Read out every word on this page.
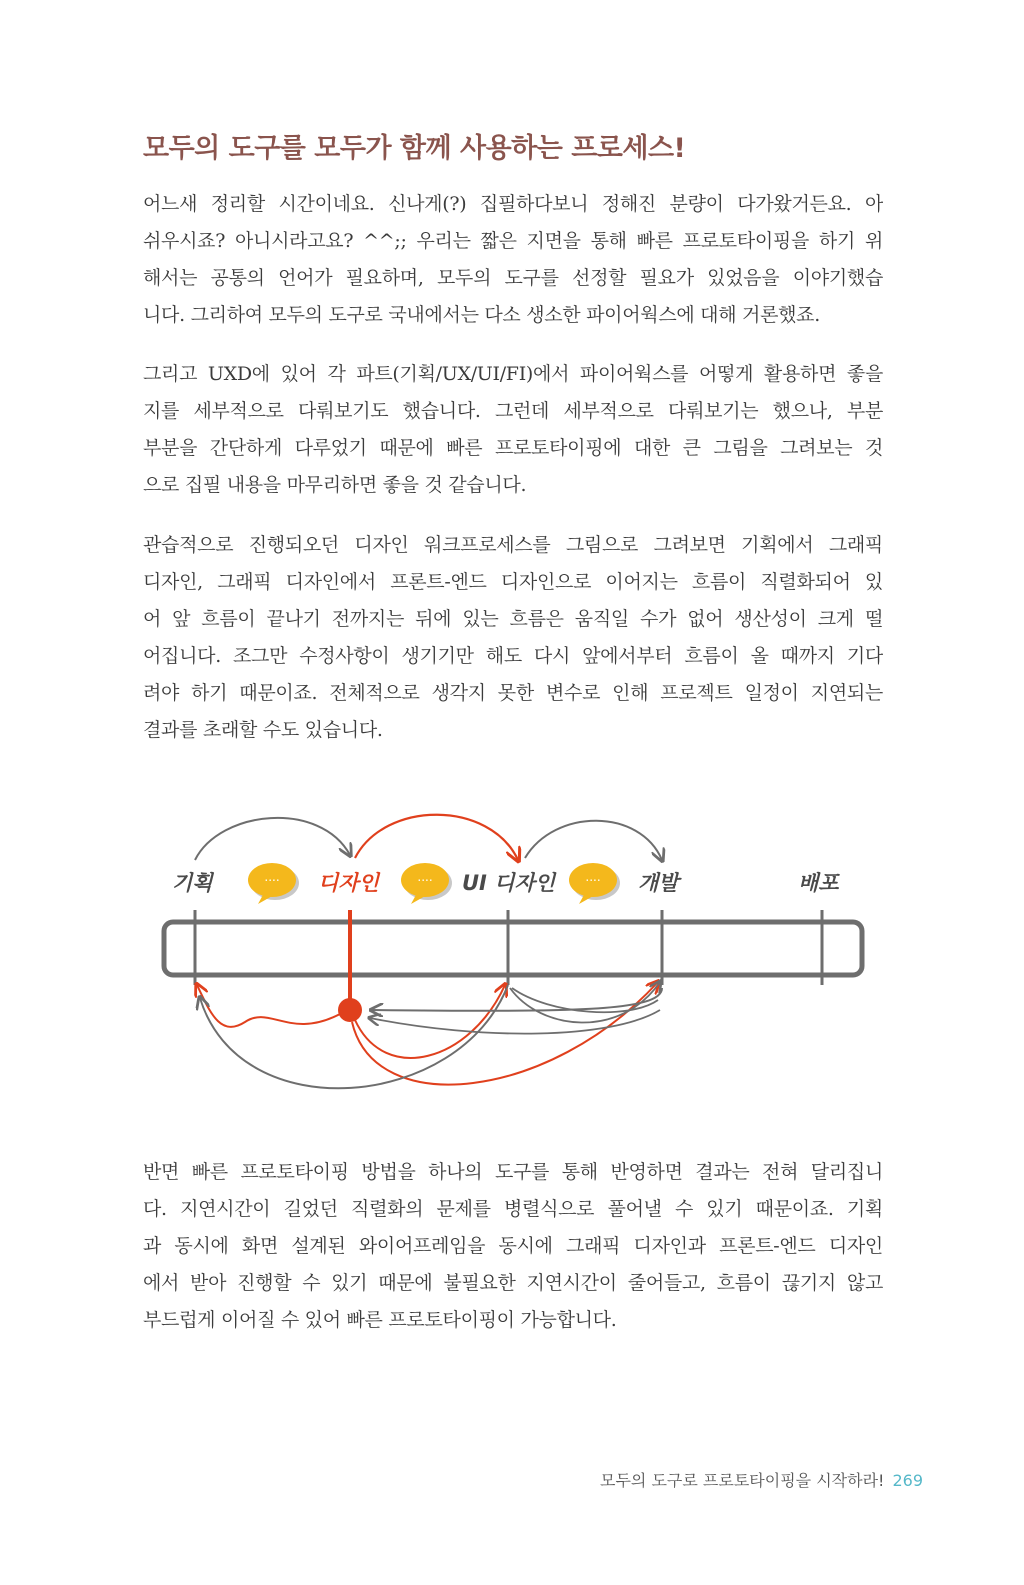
모두의 도구를 모두가 함께 사용하는 프로세스!
어느새 정리할 시간이네요. 신나게(?) 집필하다보니 정해진 분량이 다가왔거든요. 아
쉬우시죠? 아니시라고요? ^^;; 우리는 짧은 지면을 통해 빠른 프로토타이핑을 하기 위
해서는 공통의 언어가 필요하며, 모두의 도구를 선정할 필요가 있었음을 이야기했습
니다. 그리하여 모두의 도구로 국내에서는 다소 생소한 파이어웍스에 대해 거론했죠.
그리고 UXD에 있어 각 파트(기획/UX/UI/FI)에서 파이어웍스를 어떻게 활용하면 좋을
지를 세부적으로 다뤄보기도 했습니다. 그런데 세부적으로 다뤄보기는 했으나, 부분
부분을 간단하게 다루었기 때문에 빠른 프로토타이핑에 대한 큰 그림을 그려보는 것
으로 집필 내용을 마무리하면 좋을 것 같습니다.
관습적으로 진행되오던 디자인 워크프로세스를 그림으로 그려보면 기획에서 그래픽
디자인, 그래픽 디자인에서 프론트-엔드 디자인으로 이어지는 흐름이 직렬화되어 있
어 앞 흐름이 끝나기 전까지는 뒤에 있는 흐름은 움직일 수가 없어 생산성이 크게 떨
어집니다. 조그만 수정사항이 생기기만 해도 다시 앞에서부터 흐름이 올 때까지 기다
려야 하기 때문이죠. 전체적으로 생각지 못한 변수로 인해 프로젝트 일정이 지연되는
결과를 초래할 수도 있습니다.
기획	디자인	UI 디자인	개발	배포
....	....	....
반면 빠른 프로토타이핑 방법을 하나의 도구를 통해 반영하면 결과는 전혀 달리집니
다. 지연시간이 길었던 직렬화의 문제를 병렬식으로 풀어낼 수 있기 때문이죠. 기획
과 동시에 화면 설계된 와이어프레임을 동시에 그래픽 디자인과 프론트-엔드 디자인
에서 받아 진행할 수 있기 때문에 불필요한 지연시간이 줄어들고, 흐름이 끊기지 않고
부드럽게 이어질 수 있어 빠른 프로토타이핑이 가능합니다.
모두의 도구로 프로토타이핑을 시작하라! 269
